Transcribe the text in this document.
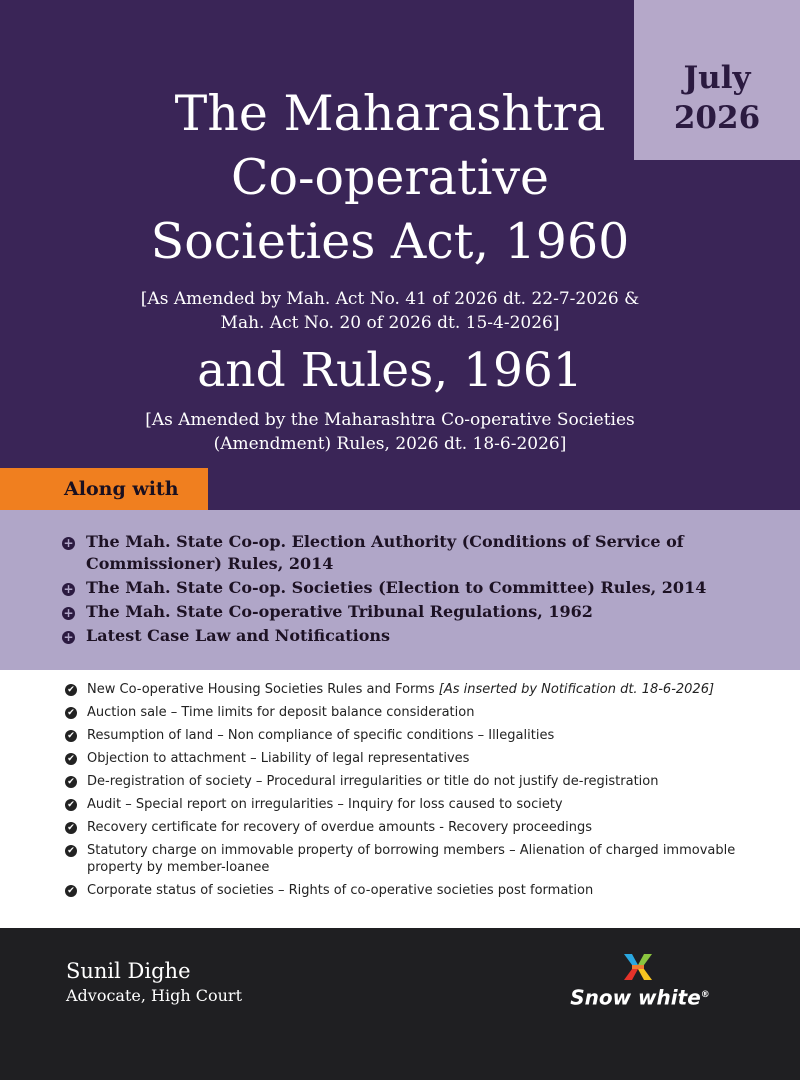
July
2026
The Maharashtra
Co-operative
Societies Act, 1960
[As Amended by Mah. Act No. 41 of 2026 dt. 22-7-2026 &
Mah. Act No. 20 of 2026 dt. 15-4-2026]
and Rules, 1961
[As Amended by the Maharashtra Co-operative Societies
(Amendment) Rules, 2026 dt. 18-6-2026]
Along with
+ The Mah. State Co-op. Election Authority (Conditions of Service of Commissioner) Rules, 2014
+ The Mah. State Co-op. Societies (Election to Committee) Rules, 2014
+ The Mah. State Co-operative Tribunal Regulations, 1962
+ Latest Case Law and Notifications
✔ New Co-operative Housing Societies Rules and Forms [As inserted by Notification dt. 18-6-2026]
✔ Auction sale – Time limits for deposit balance consideration
✔ Resumption of land – Non compliance of specific conditions – Illegalities
✔ Objection to attachment – Liability of legal representatives
✔ De-registration of society – Procedural irregularities or title do not justify de-registration
✔ Audit – Special report on irregularities – Inquiry for loss caused to society
✔ Recovery certificate for recovery of overdue amounts - Recovery proceedings
✔ Statutory charge on immovable property of borrowing members – Alienation of charged immovable property by member-loanee
✔ Corporate status of societies – Rights of co-operative societies post formation
Sunil Dighe
Advocate, High Court	Snow white®
